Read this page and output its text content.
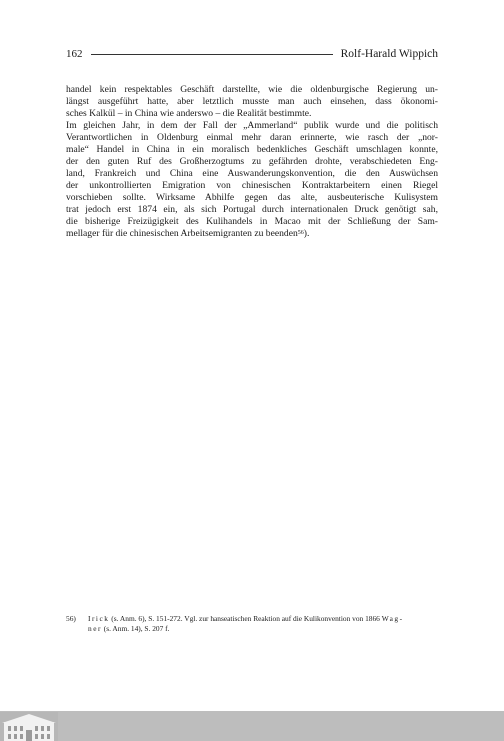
162	Rolf-Harald Wippich
handel kein respektables Geschäft darstellte, wie die oldenburgische Regierung un-
längst ausgeführt hatte, aber letztlich musste man auch einsehen, dass ökonomi-
sches Kalkül – in China wie anderswo – die Realität bestimmte.
Im gleichen Jahr, in dem der Fall der „Ammerland“ publik wurde und die politisch
Verantwortlichen in Oldenburg einmal mehr daran erinnerte, wie rasch der „nor-
male“ Handel in China in ein moralisch bedenkliches Geschäft umschlagen konnte,
der den guten Ruf des Großherzogtums zu gefährden drohte, verabschiedeten Eng-
land, Frankreich und China eine Auswanderungskonvention, die den Auswüchsen
der unkontrollierten Emigration von chinesischen Kontraktarbeitern einen Riegel
vorschieben sollte. Wirksame Abhilfe gegen das alte, ausbeuterische Kulisystem
trat jedoch erst 1874 ein, als sich Portugal durch internationalen Druck genötigt sah,
die bisherige Freizügigkeit des Kulihandels in Macao mit der Schließung der Sam-
mellager für die chinesischen Arbeitsemigranten zu beenden$^{56}$).
56) Irick (s. Anm. 6), S. 151-272. Vgl. zur hanseatischen Reaktion auf die Kulikonvention von 1866 Wag-
ner (s. Anm. 14), S. 207 f.
